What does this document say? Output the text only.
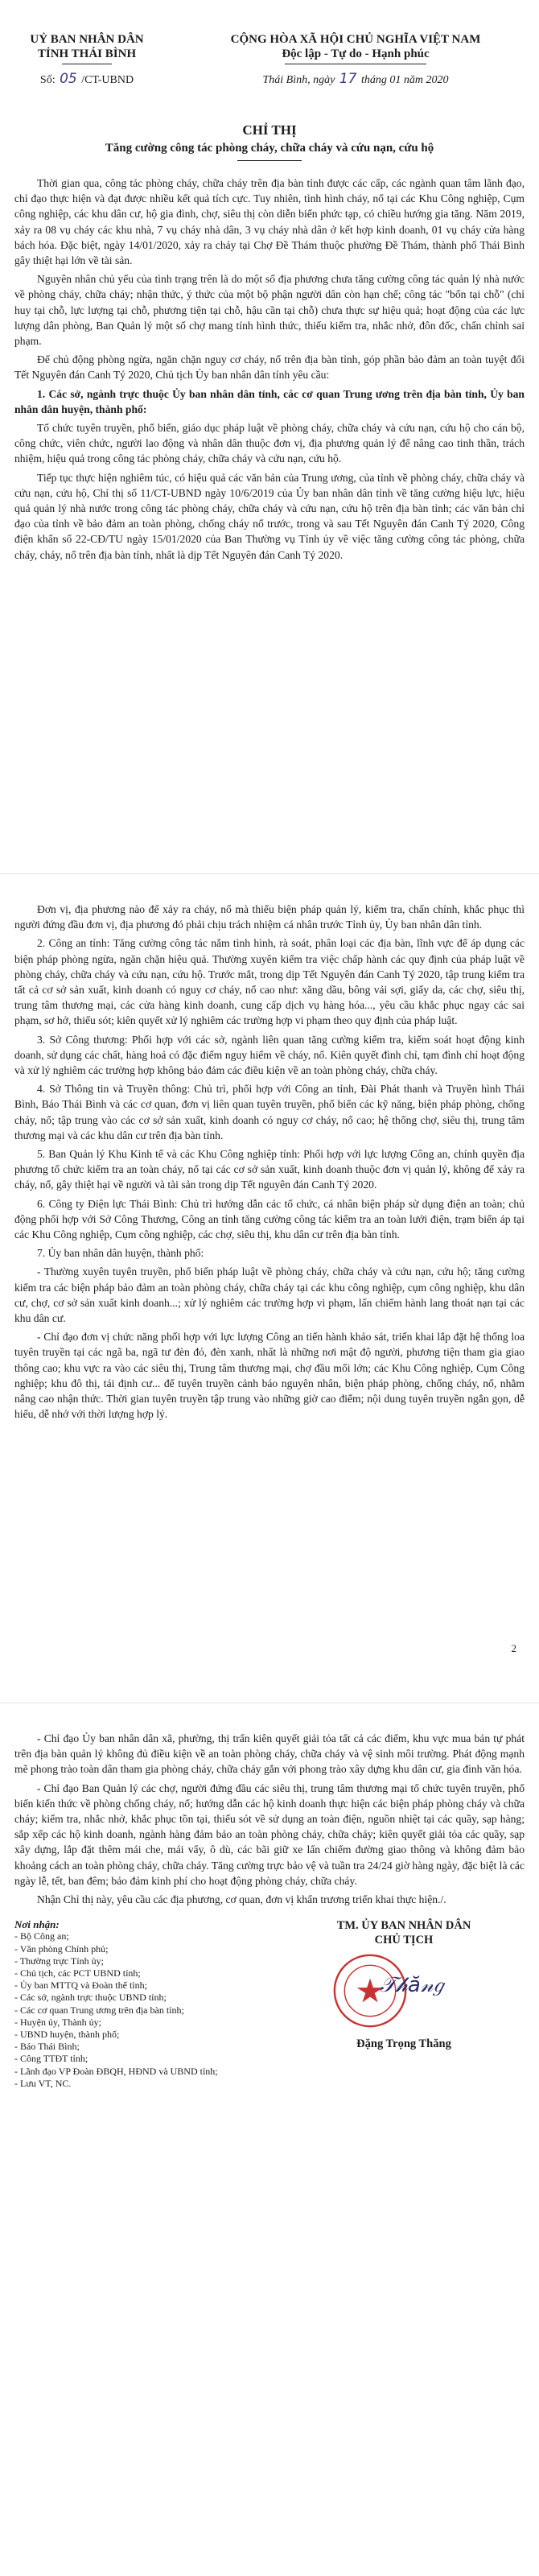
UỶ BAN NHÂN DÂN
TỈNH THÁI BÌNH
Số: 05 /CT-UBND
CỘNG HÒA XÃ HỘI CHỦ NGHĨA VIỆT NAM
Độc lập - Tự do - Hạnh phúc
Thái Bình, ngày 17 tháng 01 năm 2020
CHỈ THỊ
Tăng cường công tác phòng cháy, chữa cháy và cứu nạn, cứu hộ

Thời gian qua, công tác phòng cháy, chữa cháy trên địa bàn tỉnh được các cấp, các ngành quan tâm lãnh đạo, chỉ đạo thực hiện và đạt được nhiều kết quả tích cực. Tuy nhiên, tình hình cháy, nổ tại các Khu Công nghiệp, Cụm công nghiệp, các khu dân cư, hộ gia đình, chợ, siêu thị còn diễn biến phức tạp, có chiều hướng gia tăng. Năm 2019, xảy ra 08 vụ cháy các khu nhà, 7 vụ cháy nhà dân, 3 vụ cháy nhà dân ở kết hợp kinh doanh, 01 vụ cháy cửa hàng bách hóa. Đặc biệt, ngày 14/01/2020, xảy ra cháy tại Chợ Đề Thám thuộc phường Đề Thám, thành phố Thái Bình gây thiệt hại lớn về tài sản.

Nguyên nhân chủ yếu của tình trạng trên là do một số địa phương chưa tăng cường công tác quản lý nhà nước về phòng cháy, chữa cháy; nhận thức, ý thức của một bộ phận người dân còn hạn chế; công tác "bốn tại chỗ" (chỉ huy tại chỗ, lực lượng tại chỗ, phương tiện tại chỗ, hậu cần tại chỗ) chưa thực sự hiệu quả; hoạt động của các lực lượng dân phòng, Ban Quản lý một số chợ mang tính hình thức, thiếu kiểm tra, nhắc nhở, đôn đốc, chấn chỉnh sai phạm.

Để chủ động phòng ngừa, ngăn chặn nguy cơ cháy, nổ trên địa bàn tỉnh, góp phần bảo đảm an toàn tuyệt đối Tết Nguyên đán Canh Tý 2020, Chủ tịch Ủy ban nhân dân tỉnh yêu cầu:

1. Các sở, ngành trực thuộc Ủy ban nhân dân tỉnh, các cơ quan Trung ương trên địa bàn tỉnh, Ủy ban nhân dân huyện, thành phố:

Tổ chức tuyên truyền, phổ biến, giáo dục pháp luật về phòng cháy, chữa cháy và cứu nạn, cứu hộ cho cán bộ, công chức, viên chức, người lao động và nhân dân thuộc đơn vị, địa phương quản lý để nâng cao tinh thần, trách nhiệm, hiệu quả trong công tác phòng cháy, chữa cháy và cứu nạn, cứu hộ.

Tiếp tục thực hiện nghiêm túc, có hiệu quả các văn bản của Trung ương, của tỉnh về phòng cháy, chữa cháy và cứu nạn, cứu hộ, Chỉ thị số 11/CT-UBND ngày 10/6/2019 của Ủy ban nhân dân tỉnh về tăng cường hiệu lực, hiệu quả quản lý nhà nước trong công tác phòng cháy, chữa cháy và cứu nạn, cứu hộ trên địa bàn tỉnh; các văn bản chỉ đạo của tỉnh về bảo đảm an toàn phòng, chống cháy nổ trước, trong và sau Tết Nguyên đán Canh Tý 2020, Công điện khẩn số 22-CĐ/TU ngày 15/01/2020 của Ban Thường vụ Tỉnh ủy về việc tăng cường công tác phòng, chữa cháy, cháy, nổ trên địa bàn tỉnh, nhất là dịp Tết Nguyên đán Canh Tý 2020.

Đơn vị, địa phương nào để xảy ra cháy, nổ mà thiếu biện pháp quản lý, kiểm tra, chấn chỉnh, khắc phục thì người đứng đầu đơn vị, địa phương đó phải chịu trách nhiệm cá nhân trước Tỉnh ủy, Ủy ban nhân dân tỉnh.

2. Công an tỉnh: Tăng cường công tác nắm tình hình, rà soát, phân loại các địa bàn, lĩnh vực để áp dụng các biện pháp phòng ngừa, ngăn chặn hiệu quả. Thường xuyên kiểm tra việc chấp hành các quy định của pháp luật về phòng cháy, chữa cháy và cứu nạn, cứu hộ. Trước mắt, trong dịp Tết Nguyên đán Canh Tý 2020, tập trung kiểm tra tất cả cơ sở sản xuất, kinh doanh có nguy cơ cháy, nổ cao như: xăng dầu, bông vải sợi, giấy da, các chợ, siêu thị, trung tâm thương mại, các cửa hàng kinh doanh, cung cấp dịch vụ hàng hóa..., yêu cầu khắc phục ngay các sai phạm, sơ hở, thiếu sót; kiên quyết xử lý nghiêm các trường hợp vi phạm theo quy định của pháp luật.

3. Sở Công thương: Phối hợp với các sở, ngành liên quan tăng cường kiểm tra, kiểm soát hoạt động kinh doanh, sử dụng các chất, hàng hoá có đặc điểm nguy hiểm về cháy, nổ. Kiên quyết đình chỉ, tạm đình chỉ hoạt động và xử lý nghiêm các trường hợp không bảo đảm các điều kiện về an toàn phòng cháy, chữa cháy.

4. Sở Thông tin và Truyền thông: Chủ trì, phối hợp với Công an tỉnh, Đài Phát thanh và Truyền hình Thái Bình, Báo Thái Bình và các cơ quan, đơn vị liên quan tuyên truyền, phổ biến các kỹ năng, biện pháp phòng, chống cháy, nổ; tập trung vào các cơ sở sản xuất, kinh doanh có nguy cơ cháy, nổ cao; hệ thống chợ, siêu thị, trung tâm thương mại và các khu dân cư trên địa bàn tỉnh.

5. Ban Quản lý Khu Kinh tế và các Khu Công nghiệp tỉnh: Phối hợp với lực lượng Công an, chính quyền địa phương tổ chức kiểm tra an toàn cháy, nổ tại các cơ sở sản xuất, kinh doanh thuộc đơn vị quản lý, không để xảy ra cháy, nổ, gây thiệt hại về người và tài sản trong dịp Tết nguyên đán Canh Tý 2020.

6. Công ty Điện lực Thái Bình: Chủ trì hướng dẫn các tổ chức, cá nhân biện pháp sử dụng điện an toàn; chủ động phối hợp với Sở Công Thương, Công an tỉnh tăng cường công tác kiểm tra an toàn lưới điện, trạm biến áp tại các Khu Công nghiệp, Cụm công nghiệp, các chợ, siêu thị, khu dân cư trên địa bàn tỉnh.

7. Ủy ban nhân dân huyện, thành phố:

- Thường xuyên tuyên truyền, phổ biến pháp luật về phòng cháy, chữa cháy và cứu nạn, cứu hộ; tăng cường kiểm tra các biện pháp bảo đảm an toàn phòng cháy, chữa cháy tại các khu công nghiệp, cụm công nghiệp, khu dân cư, chợ, cơ sở sản xuất kinh doanh...; xử lý nghiêm các trường hợp vi phạm, lấn chiếm hành lang thoát nạn tại các khu dân cư.

- Chỉ đạo đơn vị chức năng phối hợp với lực lượng Công an tiến hành khảo sát, triển khai lắp đặt hệ thống loa tuyên truyền tại các ngã ba, ngã tư đèn đỏ, đèn xanh, nhất là những nơi mật độ người, phương tiện tham gia giao thông cao; khu vực ra vào các siêu thị, Trung tâm thương mại, chợ đầu mối lớn; các Khu Công nghiệp, Cụm Công nghiệp; khu đô thị, tái định cư... để tuyên truyền cảnh báo nguyên nhân, biện pháp phòng, chống cháy, nổ, nhằm nâng cao nhận thức. Thời gian tuyên truyền tập trung vào những giờ cao điểm; nội dung tuyên truyền ngắn gọn, dễ hiểu, dễ nhớ với thời lượng hợp lý.

2

- Chỉ đạo Ủy ban nhân dân xã, phường, thị trấn kiên quyết giải tỏa tất cả các điểm, khu vực mua bán tự phát trên địa bàn quản lý không đủ điều kiện về an toàn phòng cháy, chữa cháy và vệ sinh môi trường. Phát động mạnh mẽ phong trào toàn dân tham gia phòng cháy, chữa cháy gắn với phong trào xây dựng khu dân cư, gia đình văn hóa.

- Chỉ đạo Ban Quản lý các chợ, người đứng đầu các siêu thị, trung tâm thương mại tổ chức tuyên truyền, phổ biến kiến thức về phòng chống cháy, nổ; hướng dẫn các hộ kinh doanh thực hiện các biện pháp phòng cháy và chữa cháy; kiểm tra, nhắc nhở, khắc phục tồn tại, thiếu sót về sử dụng an toàn điện, nguồn nhiệt tại các quầy, sạp hàng; sắp xếp các hộ kinh doanh, ngành hàng đảm bảo an toàn phòng cháy, chữa cháy; kiên quyết giải tỏa các quầy, sạp xây dựng, lắp đặt thêm mái che, mái vẩy, ô dù, các bãi giữ xe lấn chiếm đường giao thông và không đảm bảo khoảng cách an toàn phòng cháy, chữa cháy. Tăng cường trực bảo vệ và tuần tra 24/24 giờ hàng ngày, đặc biệt là các ngày lễ, tết, ban đêm; bảo đảm kinh phí cho hoạt động phòng cháy, chữa cháy.

Nhận Chỉ thị này, yêu cầu các địa phương, cơ quan, đơn vị khẩn trương triển khai thực hiện./.

Nơi nhận:
- Bộ Công an;
- Văn phòng Chính phủ;
- Thường trực Tỉnh ủy;
- Chủ tịch, các PCT UBND tỉnh;
- Ủy ban MTTQ và Đoàn thể tỉnh;
- Các sở, ngành trực thuộc UBND tỉnh;
- Các cơ quan Trung ương trên địa bàn tỉnh;
- Huyện ủy, Thành ủy;
- UBND huyện, thành phố;
- Báo Thái Bình;
- Công TTĐT tỉnh;
- Lãnh đạo VP Đoàn ĐBQH, HĐND và UBND tỉnh;
- Lưu VT, NC.
TM. ỦY BAN NHÂN DÂN
CHỦ TỊCH
𝒯𝒽ă𝓃𝑔
Đặng Trọng Thăng
